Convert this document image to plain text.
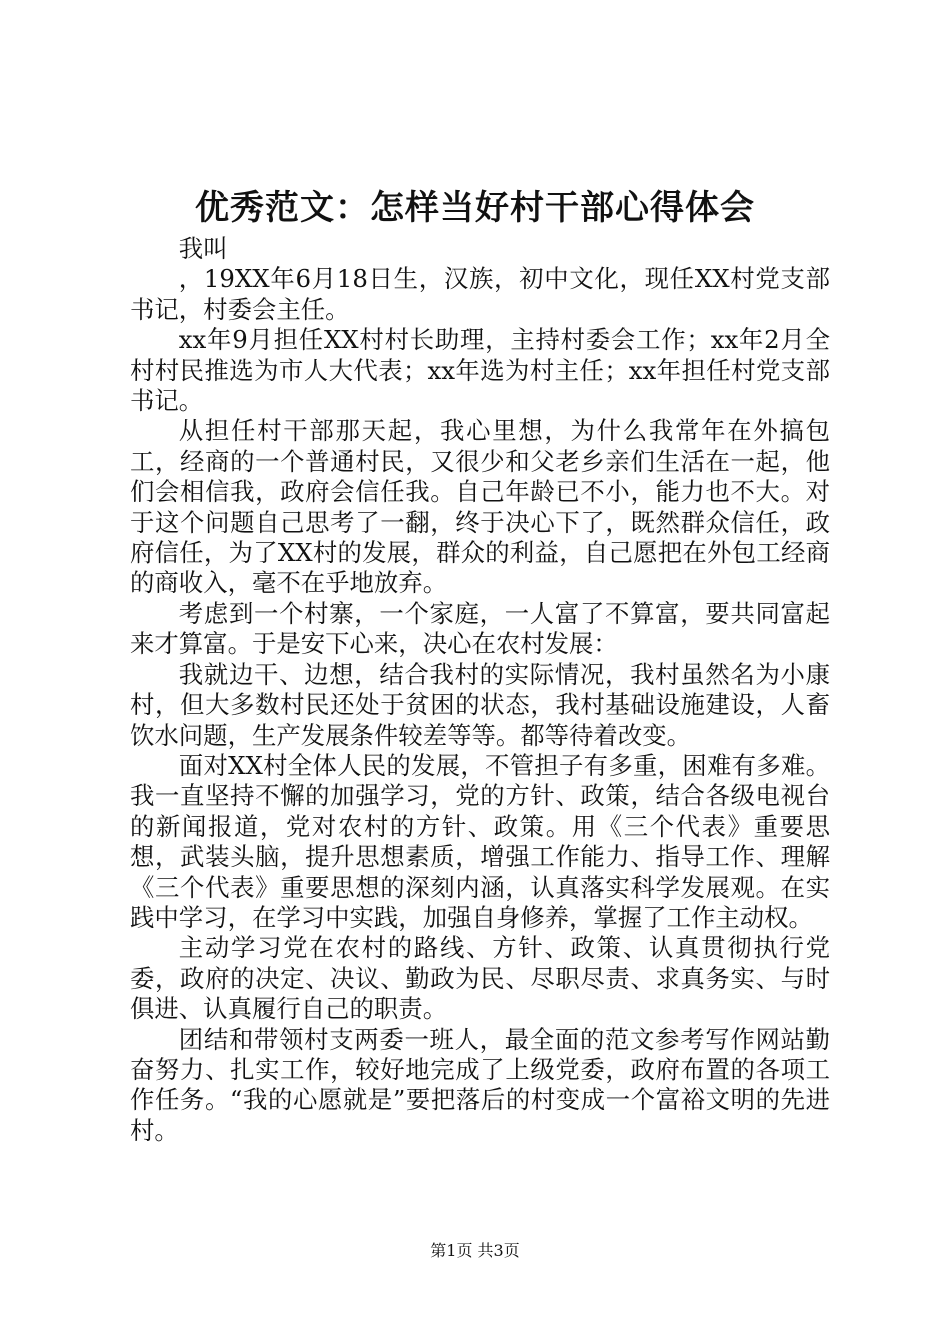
优秀范文：怎样当好村干部心得体会

我叫

，19XX年6月18日生，汉族，初中文化，现任XX村党支部书记，村委会主任。

xx年9月担任XX村村长助理，主持村委会工作；xx年2月全村村民推选为市人大代表；xx年选为村主任；xx年担任村党支部书记。

从担任村干部那天起，我心里想，为什么我常年在外搞包工，经商的一个普通村民，又很少和父老乡亲们生活在一起，他们会相信我，政府会信任我。自己年龄已不小，能力也不大。对于这个问题自己思考了一翻，终于决心下了，既然群众信任，政府信任，为了XX村的发展，群众的利益，自己愿把在外包工经商的商收入，毫不在乎地放弃。

考虑到一个村寨，一个家庭，一人富了不算富，要共同富起来才算富。于是安下心来，决心在农村发展：

我就边干、边想，结合我村的实际情况，我村虽然名为小康村，但大多数村民还处于贫困的状态，我村基础设施建设，人畜饮水问题，生产发展条件较差等等。都等待着改变。

面对XX村全体人民的发展，不管担子有多重，困难有多难。我一直坚持不懈的加强学习，党的方针、政策，结合各级电视台的新闻报道，党对农村的方针、政策。用《三个代表》重要思想，武装头脑，提升思想素质，增强工作能力、指导工作、理解《三个代表》重要思想的深刻内涵，认真落实科学发展观。在实践中学习，在学习中实践，加强自身修养，掌握了工作主动权。

主动学习党在农村的路线、方针、政策、认真贯彻执行党委，政府的决定、决议、勤政为民、尽职尽责、求真务实、与时俱进、认真履行自己的职责。

团结和带领村支两委一班人，最全面的范文参考写作网站勤奋努力、扎实工作，较好地完成了上级党委，政府布置的各项工作任务。“我的心愿就是”要把落后的村变成一个富裕文明的先进村。

第1页 共3页
